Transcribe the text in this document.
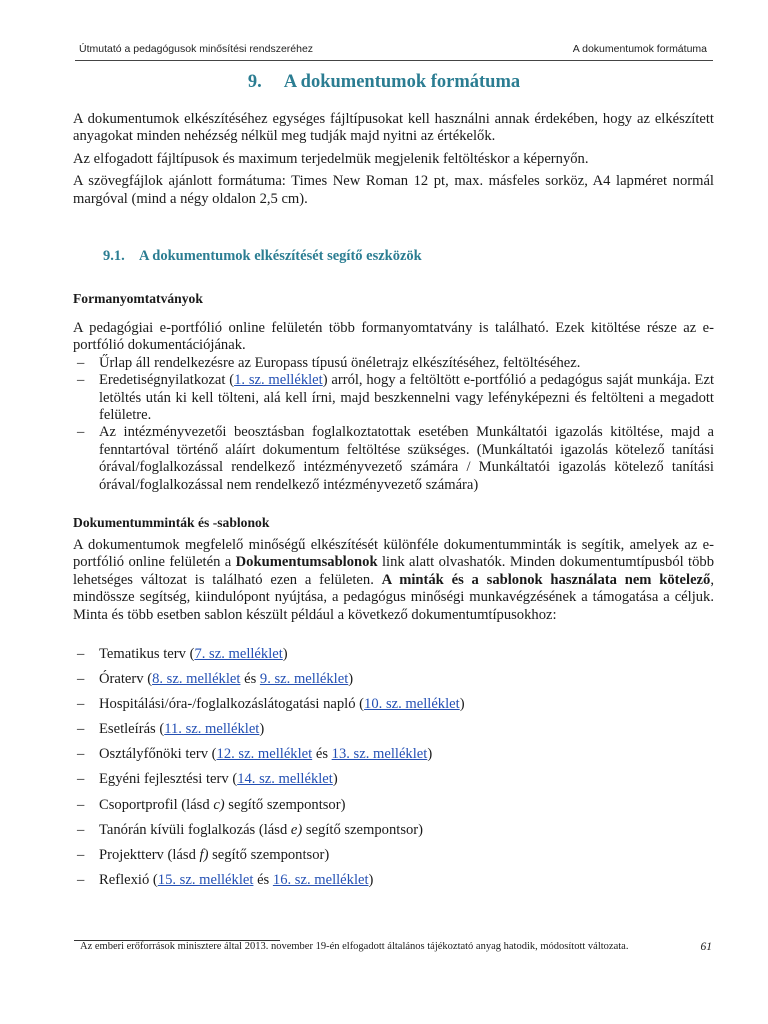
Útmutató a pedagógusok minősítési rendszeréhez	A dokumentumok formátuma
9. A dokumentumok formátuma

A dokumentumok elkészítéséhez egységes fájltípusokat kell használni annak érdekében, hogy az elkészített anyagokat minden nehézség nélkül meg tudják majd nyitni az értékelők.

Az elfogadott fájltípusok és maximum terjedelmük megjelenik feltöltéskor a képernyőn.

A szövegfájlok ajánlott formátuma: Times New Roman 12 pt, max. másfeles sorköz, A4 lapméret normál margóval (mind a négy oldalon 2,5 cm).

9.1. A dokumentumok elkészítését segítő eszközök
Formanyomtatványok

A pedagógiai e-portfólió online felületén több formanyomtatvány is található. Ezek kitöltése része az e-portfólió dokumentációjának.

– Űrlap áll rendelkezésre az Europass típusú önéletrajz elkészítéséhez, feltöltéséhez.
– Eredetiségnyilatkozat (1. sz. melléklet) arról, hogy a feltöltött e-portfólió a pedagógus saját munkája. Ezt letöltés után ki kell tölteni, alá kell írni, majd beszkennelni vagy lefényképezni és feltölteni a megadott felületre.
– Az intézményvezetői beosztásban foglalkoztatottak esetében Munkáltatói igazolás kitöltése, majd a fenntartóval történő aláírt dokumentum feltöltése szükséges. (Munkáltatói igazolás kötelező tanítási órával/foglalkozással rendelkező intézményvezető számára / Munkáltatói igazolás kötelező tanítási órával/foglalkozással nem rendelkező intézményvezető számára)
Dokumentumminták és -sablonok

A dokumentumok megfelelő minőségű elkészítését különféle dokumentumminták is segítik, amelyek az e-portfólió online felületén a Dokumentumsablonok link alatt olvashatók. Minden dokumentumtípusból több lehetséges változat is található ezen a felületen. A minták és a sablonok használata nem kötelező, mindössze segítség, kiindulópont nyújtása, a pedagógus minőségi munkavégzésének a támogatása a céljuk. Minta és több esetben sablon készült például a következő dokumentumtípusokhoz:

– Tematikus terv (7. sz. melléklet)
– Óraterv (8. sz. melléklet és 9. sz. melléklet)
– Hospitálási/óra-/foglalkozáslátogatási napló (10. sz. melléklet)
– Esetleírás (11. sz. melléklet)
– Osztályfőnöki terv (12. sz. melléklet és 13. sz. melléklet)
– Egyéni fejlesztési terv (14. sz. melléklet)
– Csoportprofil (lásd c) segítő szempontsor)
– Tanórán kívüli foglalkozás (lásd e) segítő szempontsor)
– Projektterv (lásd f) segítő szempontsor)
– Reflexió (15. sz. melléklet és 16. sz. melléklet)
Az emberi erőforrások minisztere által 2013. november 19-én elfogadott általános tájékoztató anyag hatodik, módosított változata.	61
